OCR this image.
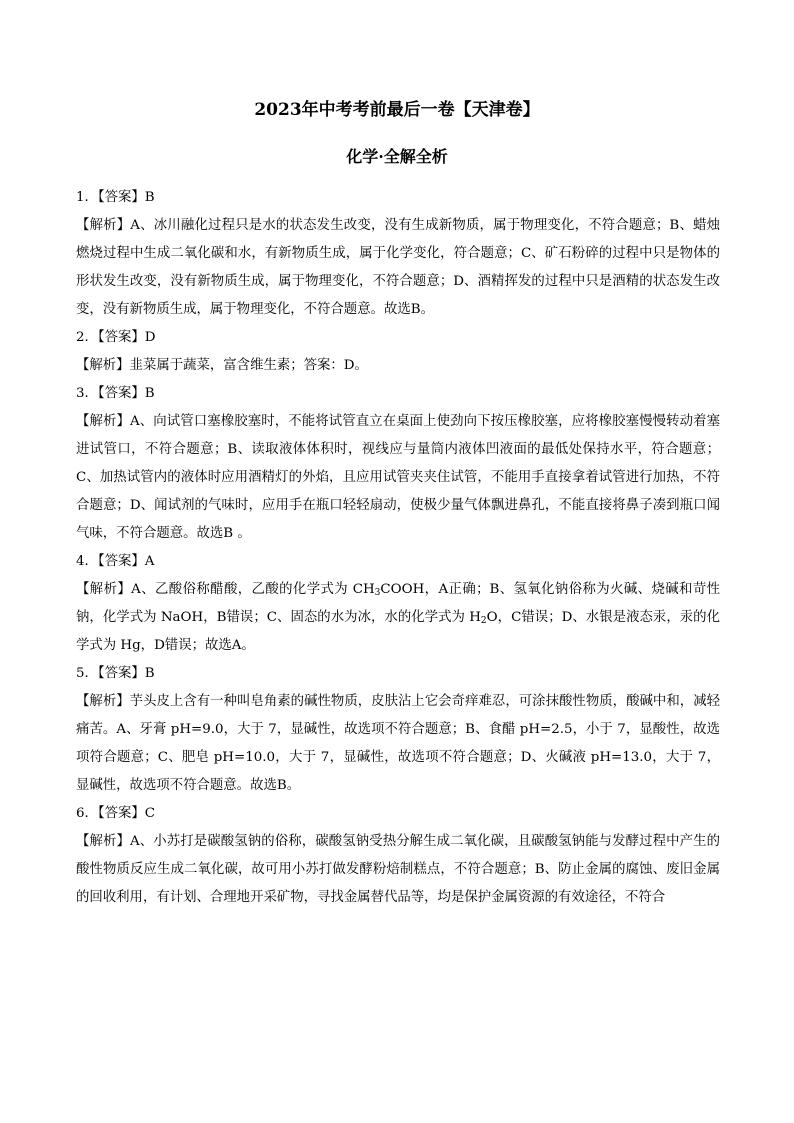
2023年中考考前最后一卷【天津卷】
化学·全解全析

1．【答案】B

【解析】A、冰川融化过程只是水的状态发生改变，没有生成新物质，属于物理变化，不符合题意；B、蜡烛燃烧过程中生成二氧化碳和水，有新物质生成，属于化学变化，符合题意；C、矿石粉碎的过程中只是物体的形状发生改变，没有新物质生成，属于物理变化，不符合题意；D、酒精挥发的过程中只是酒精的状态发生改变，没有新物质生成，属于物理变化，不符合题意。故选B。

2．【答案】D

【解析】韭菜属于蔬菜，富含维生素；答案：D。

3．【答案】B

【解析】A、向试管口塞橡胶塞时，不能将试管直立在桌面上使劲向下按压橡胶塞，应将橡胶塞慢慢转动着塞进试管口，不符合题意；B、读取液体体积时，视线应与量筒内液体凹液面的最低处保持水平，符合题意；C、加热试管内的液体时应用酒精灯的外焰，且应用试管夹夹住试管，不能用手直接拿着试管进行加热，不符合题意；D、闻试剂的气味时，应用手在瓶口轻轻扇动，使极少量气体飘进鼻孔，不能直接将鼻子凑到瓶口闻气味，不符合题意。故选B 。

4．【答案】A

【解析】A、乙酸俗称醋酸，乙酸的化学式为 $CH_3COOH$，A正确；B、氢氧化钠俗称为火碱、烧碱和苛性钠，化学式为 NaOH，B错误；C、固态的水为冰，水的化学式为 $H_2O$，C错误；D、水银是液态汞，汞的化学式为 Hg，D错误；故选A。

5．【答案】B

【解析】芋头皮上含有一种叫皂角素的碱性物质，皮肤沾上它会奇痒难忍，可涂抹酸性物质，酸碱中和，减轻痛苦。A、牙膏 pH=9.0，大于 7，显碱性，故选项不符合题意；B、食醋 pH=2.5，小于 7，显酸性，故选项符合题意；C、肥皂 pH=10.0，大于 7，显碱性，故选项不符合题意；D、火碱液 pH=13.0，大于 7，显碱性，故选项不符合题意。故选B。

6．【答案】C

【解析】A、小苏打是碳酸氢钠的俗称，碳酸氢钠受热分解生成二氧化碳，且碳酸氢钠能与发酵过程中产生的酸性物质反应生成二氧化碳，故可用小苏打做发酵粉焙制糕点，不符合题意；B、防止金属的腐蚀、废旧金属的回收利用，有计划、合理地开采矿物，寻找金属替代品等，均是保护金属资源的有效途径，不符合
